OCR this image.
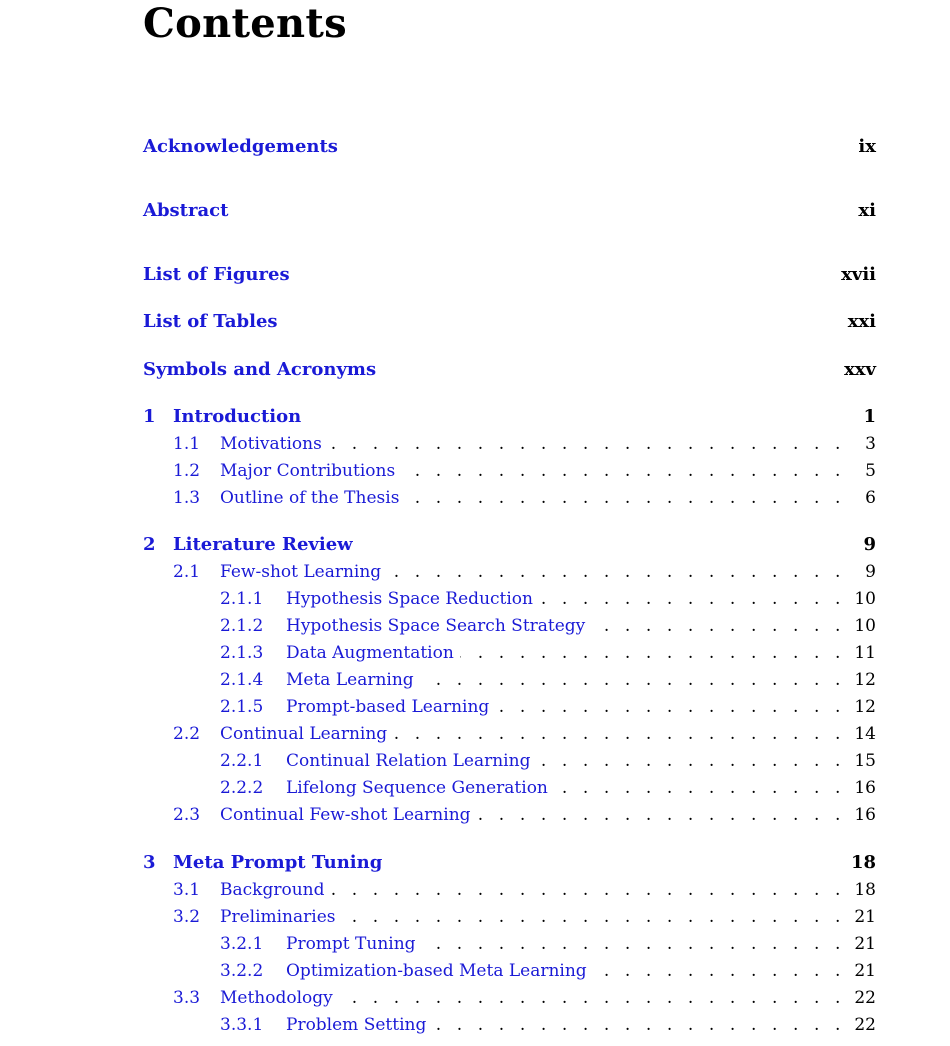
Contents
Acknowledgements	ix
Abstract	xi
List of Figures	xvii
List of Tables	xxi
Symbols and Acronyms	xxv
1 Introduction	1
1.1	Motivations . .	3
1.2	Major Contributions . .	5
1.3	Outline of the Thesis . .	6
2 Literature Review	9
2.1	Few-shot Learning . .	9
2.1.1	Hypothesis Space Reduction . .	10
2.1.2	Hypothesis Space Search Strategy . .	10
2.1.3	Data Augmentation . .	11
2.1.4	Meta Learning . .	12
2.1.5	Prompt-based Learning . .	12
2.2	Continual Learning . .	14
2.2.1	Continual Relation Learning . .	15
2.2.2	Lifelong Sequence Generation . .	16
2.3	Continual Few-shot Learning . .	16
3 Meta Prompt Tuning	18
3.1	Background . .	18
3.2	Preliminaries . .	21
3.2.1	Prompt Tuning . .	21
3.2.2	Optimization-based Meta Learning . .	21
3.3	Methodology . .	22
3.3.1	Problem Setting . .	22
